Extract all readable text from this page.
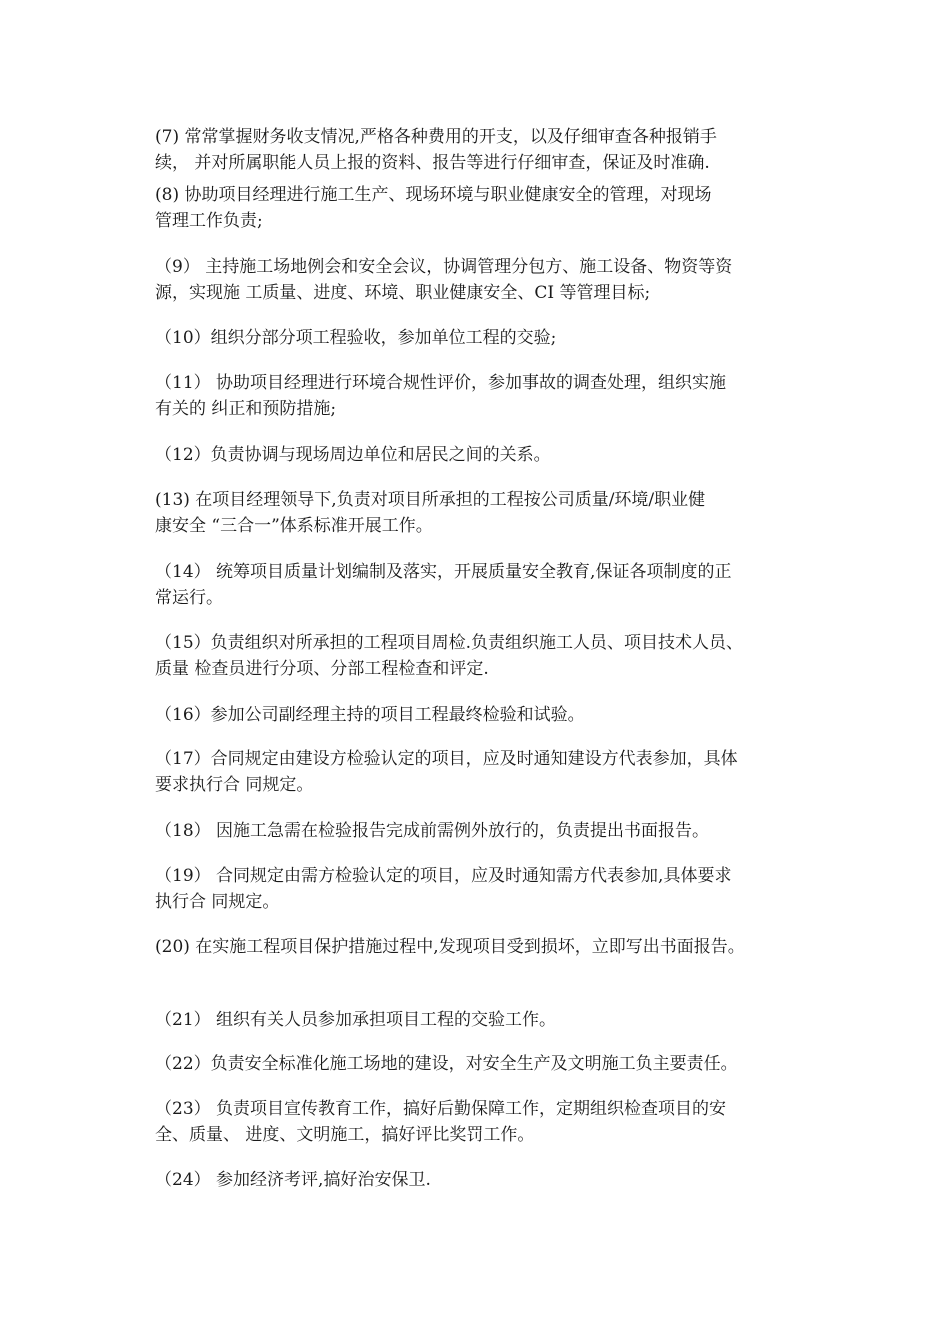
(7) 常常掌握财务收支情况,严格各种费用的开支，以及仔细审查各种报销手
续， 并对所属职能人员上报的资料、报告等进行仔细审查，保证及时准确.

(8) 协助项目经理进行施工生产、现场环境与职业健康安全的管理，对现场
管理工作负责;

（9） 主持施工场地例会和安全会议，协调管理分包方、施工设备、物资等资
源，实现施 工质量、进度、环境、职业健康安全、CI 等管理目标;

（10）组织分部分项工程验收，参加单位工程的交验;

（11） 协助项目经理进行环境合规性评价，参加事故的调查处理，组织实施
有关的 纠正和预防措施;

（12）负责协调与现场周边单位和居民之间的关系。

(13) 在项目经理领导下,负责对项目所承担的工程按公司质量/环境/职业健
康安全 “三合一”体系标准开展工作。

（14） 统筹项目质量计划编制及落实，开展质量安全教育,保证各项制度的正
常运行。

（15）负责组织对所承担的工程项目周检.负责组织施工人员、项目技术人员、
质量 检查员进行分项、分部工程检查和评定.

（16）参加公司副经理主持的项目工程最终检验和试验。

（17）合同规定由建设方检验认定的项目，应及时通知建设方代表参加，具体
要求执行合 同规定。

（18） 因施工急需在检验报告完成前需例外放行的，负责提出书面报告。

（19） 合同规定由需方检验认定的项目，应及时通知需方代表参加,具体要求
执行合 同规定。

(20) 在实施工程项目保护措施过程中,发现项目受到损坏，立即写出书面报告。

（21） 组织有关人员参加承担项目工程的交验工作。

（22）负责安全标准化施工场地的建设，对安全生产及文明施工负主要责任。

（23） 负责项目宣传教育工作，搞好后勤保障工作，定期组织检查项目的安
全、质量、 进度、文明施工，搞好评比奖罚工作。

（24） 参加经济考评,搞好治安保卫.
